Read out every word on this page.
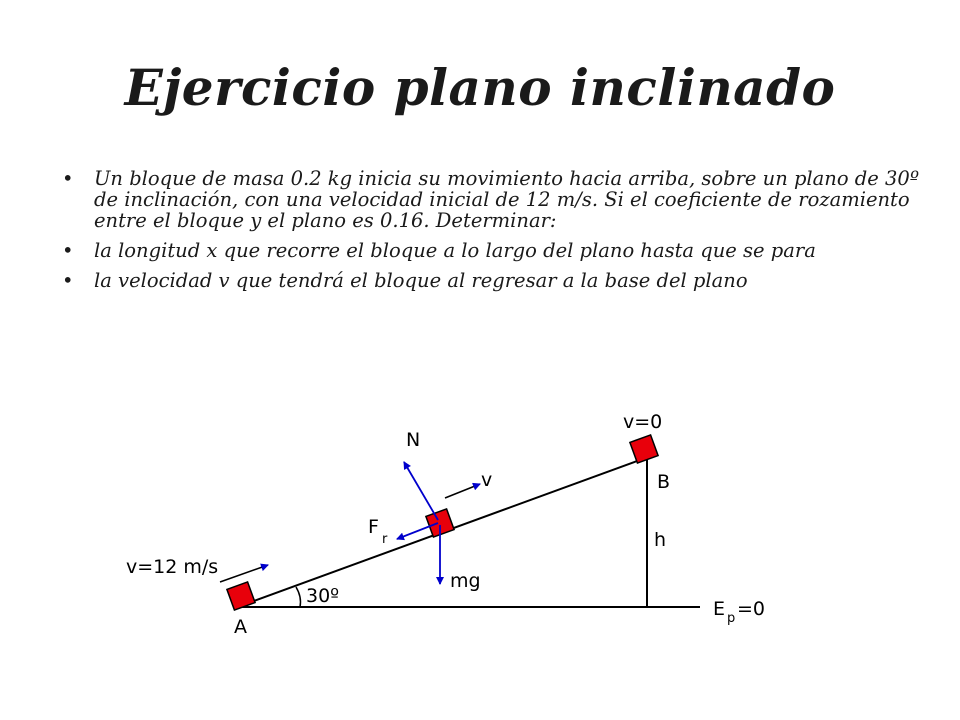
Ejercicio plano inclinado
• Un bloque de masa 0.2 kg inicia su movimiento hacia arriba, sobre un plano de 30º de inclinación, con una velocidad inicial de 12 m/s. Si el coeficiente de rozamiento entre el bloque y el plano es 0.16. Determinar:
• la longitud x que recorre el bloque a lo largo del plano hasta que se para
• la velocidad v que tendrá el bloque al regresar a la base del plano
v=12 m/s
30º
A
v=0
B
h
N
v
F
r
mg
E p =0
